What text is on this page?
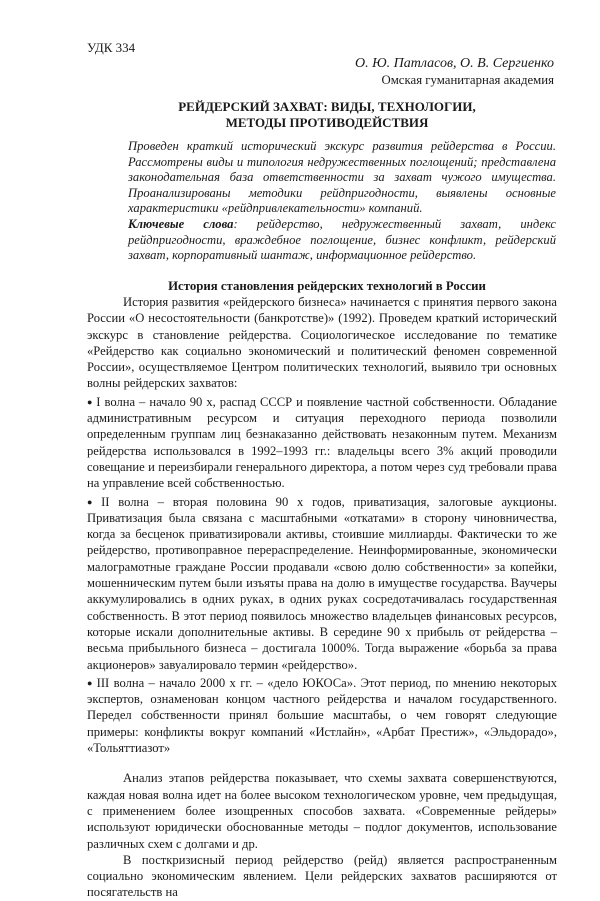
УДК 334
О. Ю. Патласов, О. В. Сергиенко
Омская гуманитарная академия
РЕЙДЕРСКИЙ ЗАХВАТ: ВИДЫ, ТЕХНОЛОГИИ,
МЕТОДЫ ПРОТИВОДЕЙСТВИЯ

Проведен краткий исторический экскурс развития рейдерства в России. Рассмотрены виды и типология недружественных поглощений; представлена законодательная база ответственности за захват чужого имущества. Проанализированы методики рейдпригодности, выявлены основные характеристики «рейдпривлекательности» компаний.

Ключевые слова: рейдерство, недружественный захват, индекс рейдпригодности, враждебное поглощение, бизнес конфликт, рейдерский захват, корпоративный шантаж, информационное рейдерство.

История становления рейдерских технологий в России

История развития «рейдерского бизнеса» начинается с принятия первого закона России «О несостоятельности (банкротстве)» (1992). Проведем краткий исторический экскурс в становление рейдерства. Социологическое исследование по тематике «Рейдерство как социально экономический и политический феномен современной России», осуществляемое Центром политических технологий, выявило три основных волны рейдерских захватов:

● I волна – начало 90 х, распад СССР и появление частной собственности. Обладание административным ресурсом и ситуация переходного периода позволили определенным группам лиц безнаказанно действовать незаконным путем. Механизм рейдерства использовался в 1992–1993 гг.: владельцы всего 3% акций проводили совещание и переизбирали генерального директора, а потом через суд требовали права на управление всей собственностью.

● II волна – вторая половина 90 х годов, приватизация, залоговые аукционы. Приватизация была связана с масштабными «откатами» в сторону чиновничества, когда за бесценок приватизировали активы, стоившие миллиарды. Фактически то же рейдерство, противоправное перераспределение. Неинформированные, экономически малограмотные граждане России продавали «свою долю собственности» за копейки, мошенническим путем были изъяты права на долю в имуществе государства. Ваучеры аккумулировались в одних руках, в одних руках сосредотачивалась государственная собственность. В этот период появилось множество владельцев финансовых ресурсов, которые искали дополнительные активы. В середине 90 х прибыль от рейдерства – весьма прибыльного бизнеса – достигала 1000%. Тогда выражение «борьба за права акционеров» завуалировало термин «рейдерство».

● III волна – начало 2000 х гг. – «дело ЮКОСа». Этот период, по мнению некоторых экспертов, ознаменован концом частного рейдерства и началом государственного. Передел собственности принял большие масштабы, о чем говорят следующие примеры: конфликты вокруг компаний «Истлайн», «Арбат Престиж», «Эльдорадо», «Тольяттиазот»

Анализ этапов рейдерства показывает, что схемы захвата совершенствуются, каждая новая волна идет на более высоком технологическом уровне, чем предыдущая, с применением более изощренных способов захвата. «Современные рейдеры» используют юридически обоснованные методы – подлог документов, использование различных схем с долгами и др.

В посткризисный период рейдерство (рейд) является распространенным социально экономическим явлением. Цели рейдерских захватов расширяются от посягательств на
